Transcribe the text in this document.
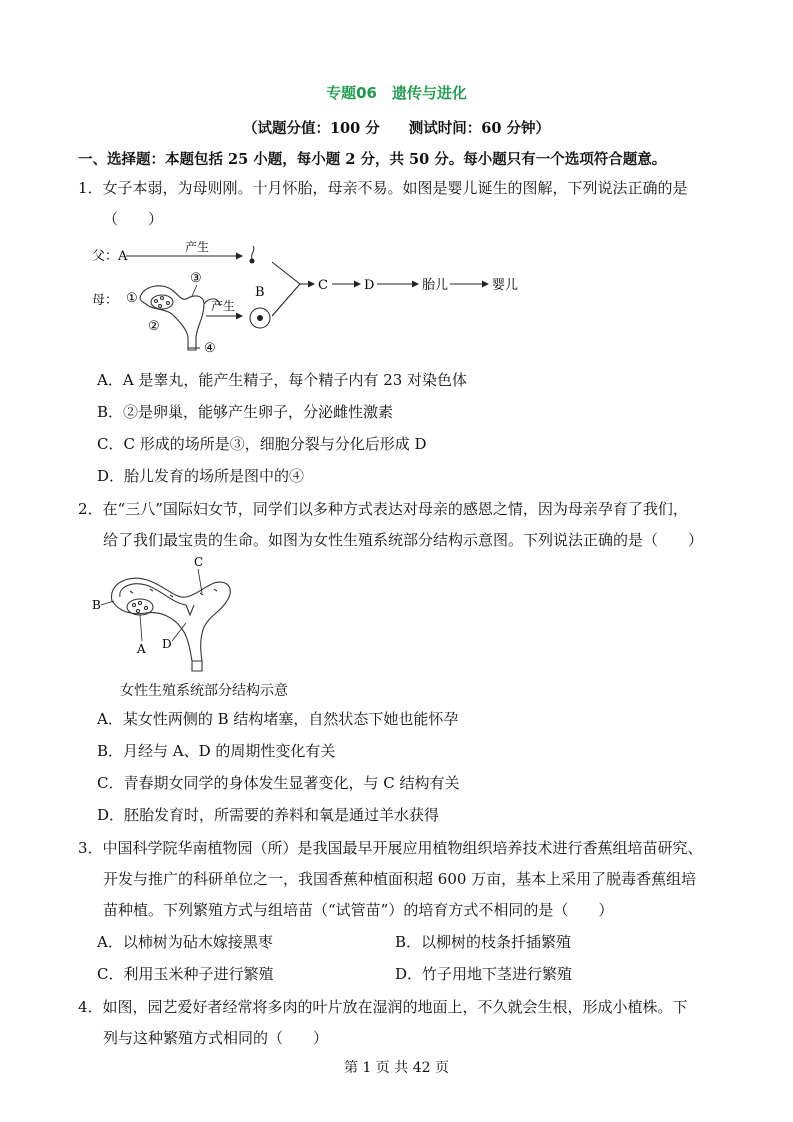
专题06　遗传与进化
（试题分值：100 分　　测试时间：60 分钟）
一、选择题：本题包括 25 小题，每小题 2 分，共 50 分。每小题只有一个选项符合题意。
1．女子本弱，为母则刚。十月怀胎，母亲不易。如图是婴儿诞生的图解，下列说法正确的是
（　　）
父：A
产生
母： ①
②
③
④
产生
B	C	D	胎儿	婴儿
A．A 是睾丸，能产生精子，每个精子内有 23 对染色体
B．②是卵巢，能够产生卵子，分泌雌性激素
C．C 形成的场所是③，细胞分裂与分化后形成 D
D．胎儿发育的场所是图中的④
2．在“三八”国际妇女节，同学们以多种方式表达对母亲的感恩之情，因为母亲孕育了我们，
给了我们最宝贵的生命。如图为女性生殖系统部分结构示意图。下列说法正确的是（　　）
C
B
A D
女性生殖系统部分结构示意
A．某女性两侧的 B 结构堵塞，自然状态下她也能怀孕
B．月经与 A、D 的周期性变化有关
C．青春期女同学的身体发生显著变化，与 C 结构有关
D．胚胎发育时，所需要的养料和氧是通过羊水获得
3．中国科学院华南植物园（所）是我国最早开展应用植物组织培养技术进行香蕉组培苗研究、
开发与推广的科研单位之一，我国香蕉种植面积超 600 万亩，基本上采用了脱毒香蕉组培
苗种植。下列繁殖方式与组培苗（“试管苗”）的培育方式不相同的是（　　）
A．以柿树为砧木嫁接黑枣	B．以柳树的枝条扦插繁殖
C．利用玉米种子进行繁殖	D．竹子用地下茎进行繁殖
4．如图，园艺爱好者经常将多肉的叶片放在湿润的地面上，不久就会生根，形成小植株。下
列与这种繁殖方式相同的（　　）
第 1 页 共 42 页
